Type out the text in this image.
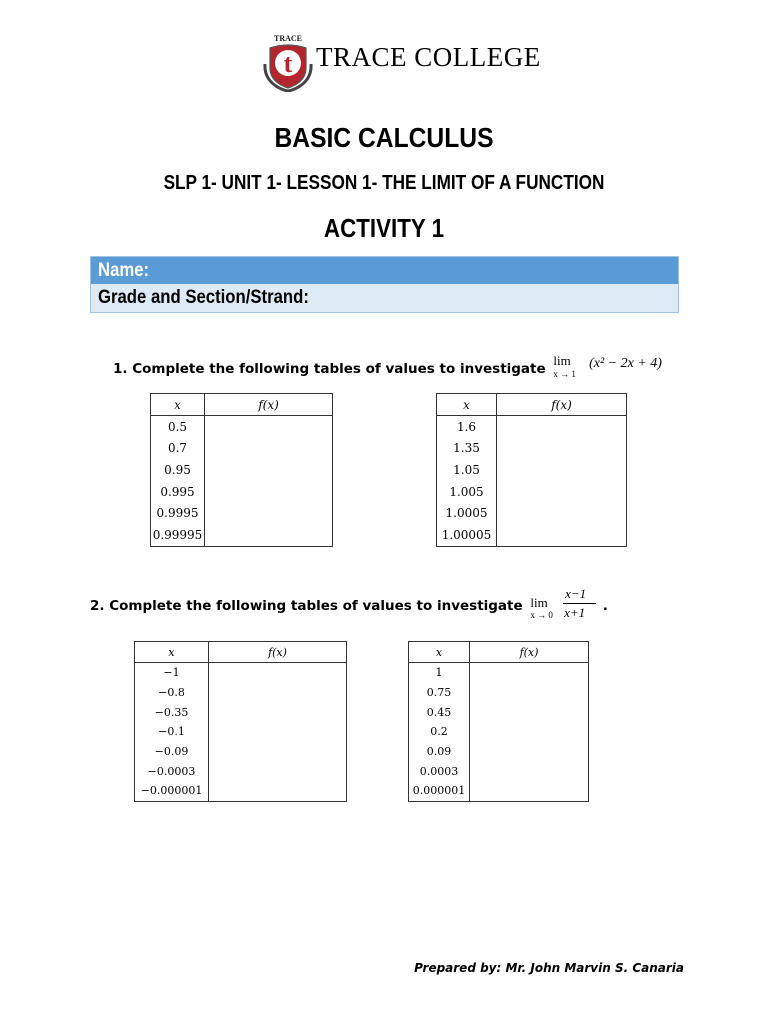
TRACE
t TRACE COLLEGE
BASIC CALCULUS
SLP 1- UNIT 1- LESSON 1- THE LIMIT OF A FUNCTION
ACTIVITY 1
Name:
Grade and Section/Strand:
1. Complete the following tables of values to investigate
lim
x → 1
(x² − 2x + 4)
x	f(x)
0.5	
0.7	
0.95	
0.995	
0.9995	
0.99995	
x	f(x)
1.6	
1.35	
1.05	
1.005	
1.0005	
1.00005	
2. Complete the following tables of values to investigate lim
x → 0

$\frac{x-1}{x+1}$ .
x	f(x)
−1	
−0.8	
−0.35	
−0.1	
−0.09	
−0.0003	
−0.000001	
x	f(x)
1	
0.75	
0.45	
0.2	
0.09	
0.0003	
0.000001	
Prepared by: Mr. John Marvin S. Canaria
